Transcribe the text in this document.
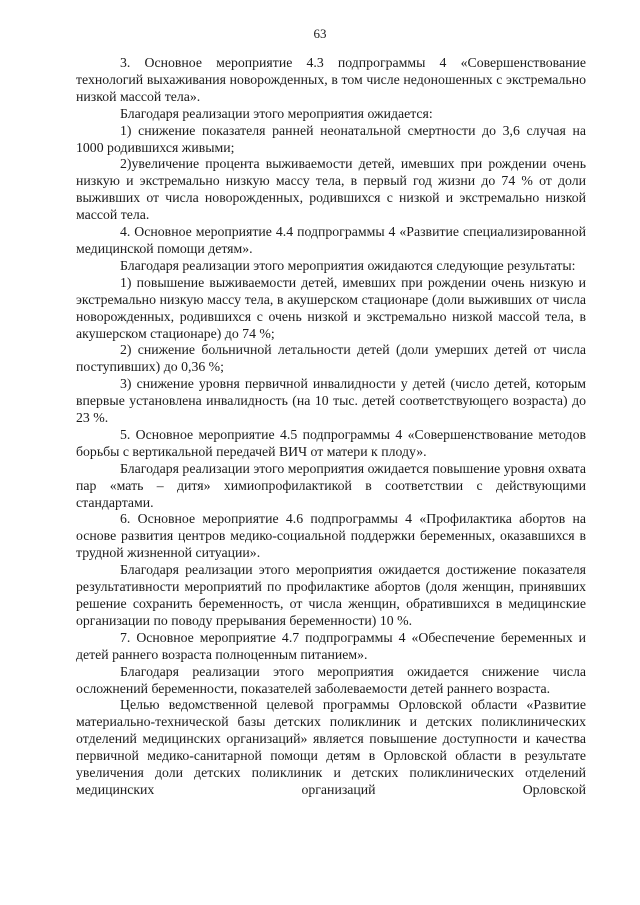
63

3. Основное мероприятие 4.3 подпрограммы 4 «Совершенствование технологий выхаживания новорожденных, в том числе недоношенных с экстремально низкой массой тела».

Благодаря реализации этого мероприятия ожидается:

1) снижение показателя ранней неонатальной смертности до 3,6 случая на 1000 родившихся живыми;

2)увеличение процента выживаемости детей, имевших при рождении очень низкую и экстремально низкую массу тела, в первый год жизни до 74 % от доли выживших от числа новорожденных, родившихся с низкой и экстремально низкой массой тела.

4. Основное мероприятие 4.4 подпрограммы 4 «Развитие специализированной медицинской помощи детям».

Благодаря реализации этого мероприятия ожидаются следующие результаты:

1) повышение выживаемости детей, имевших при рождении очень низкую и экстремально низкую массу тела, в акушерском стационаре (доли выживших от числа новорожденных, родившихся с очень низкой и экстремально низкой массой тела, в акушерском стационаре) до 74 %;

2) снижение больничной летальности детей (доли умерших детей от числа поступивших) до 0,36 %;

3) снижение уровня первичной инвалидности у детей (число детей, которым впервые установлена инвалидность (на 10 тыс. детей соответствующего возраста) до 23 %.

5. Основное мероприятие 4.5 подпрограммы 4 «Совершенствование методов борьбы с вертикальной передачей ВИЧ от матери к плоду».

Благодаря реализации этого мероприятия ожидается повышение уровня охвата пар «мать – дитя» химиопрофилактикой в соответствии с действующими стандартами.

6. Основное мероприятие 4.6 подпрограммы 4 «Профилактика абортов на основе развития центров медико-социальной поддержки беременных, оказавшихся в трудной жизненной ситуации».

Благодаря реализации этого мероприятия ожидается достижение показателя результативности мероприятий по профилактике абортов (доля женщин, принявших решение сохранить беременность, от числа женщин, обратившихся в медицинские организации по поводу прерывания беременности) 10 %.

7. Основное мероприятие 4.7 подпрограммы 4 «Обеспечение беременных и детей раннего возраста полноценным питанием».

Благодаря реализации этого мероприятия ожидается снижение числа осложнений беременности, показателей заболеваемости детей раннего возраста.

Целью ведомственной целевой программы Орловской области «Развитие материально-технической базы детских поликлиник и детских поликлинических отделений медицинских организаций» является повышение доступности и качества первичной медико-санитарной помощи детям в Орловской области в результате увеличения доли детских поликлиник и детских поликлинических отделений медицинских организаций Орловской
